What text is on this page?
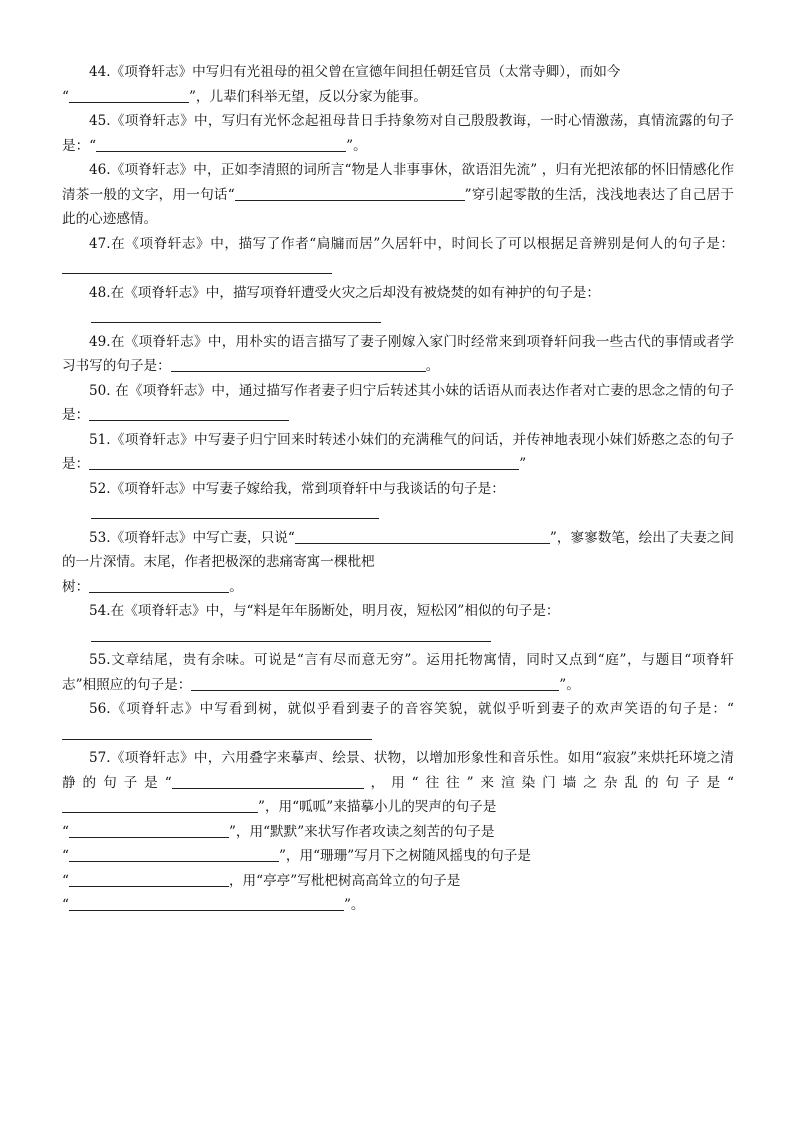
44.《项脊轩志》中写归有光祖母的祖父曾在宣德年间担任朝廷官员（太常寺卿），而如今
“	”，儿辈们科举无望，反以分家为能事。

45.《项脊轩志》中，写归有光怀念起祖母昔日手持象笏对自己殷殷教诲，一时心情激荡，真情流露的句子是：“	”。

46.《项脊轩志》中，正如李清照的词所言“物是人非事事休，欲语泪先流” ，归有光把浓郁的怀旧情感化作清茶一般的文字，用一句话“	”穿引起零散的生活，浅浅地表达了自己居于此的心迹感情。

47.在《项脊轩志》中，描写了作者“扃牖而居”久居轩中，时间长了可以根据足音辨别是何人的句子是：

48.在《项脊轩志》中，描写项脊轩遭受火灾之后却没有被烧焚的如有神护的句子是：

49.在《项脊轩志》中，用朴实的语言描写了妻子刚嫁入家门时经常来到项脊轩问我一些古代的事情或者学习书写的句子是：	。

50. 在《项脊轩志》中，通过描写作者妻子归宁后转述其小妹的话语从而表达作者对亡妻的思念之情的句子是：

51.《项脊轩志》中写妻子归宁回来时转述小妹们的充满稚气的问话，并传神地表现小妹们娇憨之态的句子是：	”

52.《项脊轩志》中写妻子嫁给我，常到项脊轩中与我谈话的句子是：

53.《项脊轩志》中写亡妻，只说“	”，寥寥数笔，绘出了夫妻之间的一片深情。末尾，作者把极深的悲痛寄寓一棵枇杷

树：	。

54.在《项脊轩志》中，与“料是年年肠断处，明月夜，短松冈”相似的句子是：

55.文章结尾，贵有余味。可说是“言有尽而意无穷”。运用托物寓情，同时又点到“庭”，与题目“项脊轩志”相照应的句子是：	”。

56.《项脊轩志》中写看到树，就似乎看到妻子的音容笑貌，就似乎听到妻子的欢声笑语的句子是：“

57.《项脊轩志》中，六用叠字来摹声、绘景、状物，以增加形象性和音乐性。如用“寂寂”来烘托环境之清静的句子是“	，用“往往”来渲染门墙之杂乱的句子是“”，用“呱呱”来描摹小儿的哭声的句子是
“	”，用“默默”来状写作者攻读之刻苦的句子是
“	”，用“珊珊”写月下之树随风摇曳的句子是
“	，用“亭亭”写枇杷树高高耸立的句子是
“	”。
